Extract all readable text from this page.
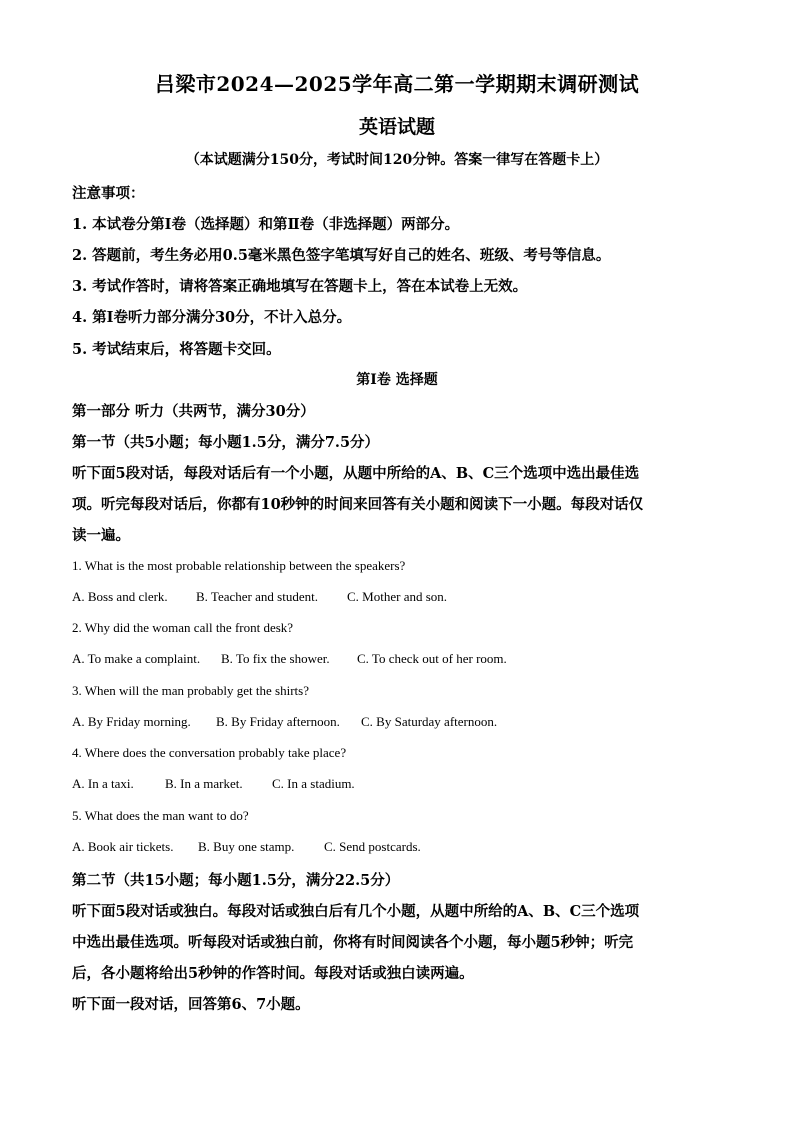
吕梁市2024—2025学年高二第一学期期末调研测试
英语试题
（本试题满分150分，考试时间120分钟。答案一律写在答题卡上）
注意事项：
1. 本试卷分第Ⅰ卷（选择题）和第Ⅱ卷（非选择题）两部分。
2. 答题前，考生务必用0.5毫米黑色签字笔填写好自己的姓名、班级、考号等信息。
3. 考试作答时，请将答案正确地填写在答题卡上，答在本试卷上无效。
4. 第Ⅰ卷听力部分满分30分，不计入总分。
5. 考试结束后，将答题卡交回。
第Ⅰ卷 选择题
第一部分 听力（共两节，满分30分）
第一节（共5小题；每小题1.5分，满分7.5分）
听下面5段对话，每段对话后有一个小题，从题中所给的A、B、C三个选项中选出最佳选
项。听完每段对话后，你都有10秒钟的时间来回答有关小题和阅读下一小题。每段对话仅
读一遍。
1. What is the most probable relationship between the speakers?
A. Boss and clerk. B. Teacher and student. C. Mother and son.
2. Why did the woman call the front desk?
A. To make a complaint. B. To fix the shower. C. To check out of her room.
3. When will the man probably get the shirts?
A. By Friday morning. B. By Friday afternoon. C. By Saturday afternoon.
4. Where does the conversation probably take place?
A. In a taxi. B. In a market. C. In a stadium.
5. What does the man want to do?
A. Book air tickets. B. Buy one stamp. C. Send postcards.
第二节（共15小题；每小题1.5分，满分22.5分）
听下面5段对话或独白。每段对话或独白后有几个小题，从题中所给的A、B、C三个选项
中选出最佳选项。听每段对话或独白前，你将有时间阅读各个小题，每小题5秒钟；听完
后，各小题将给出5秒钟的作答时间。每段对话或独白读两遍。
听下面一段对话，回答第6、7小题。
